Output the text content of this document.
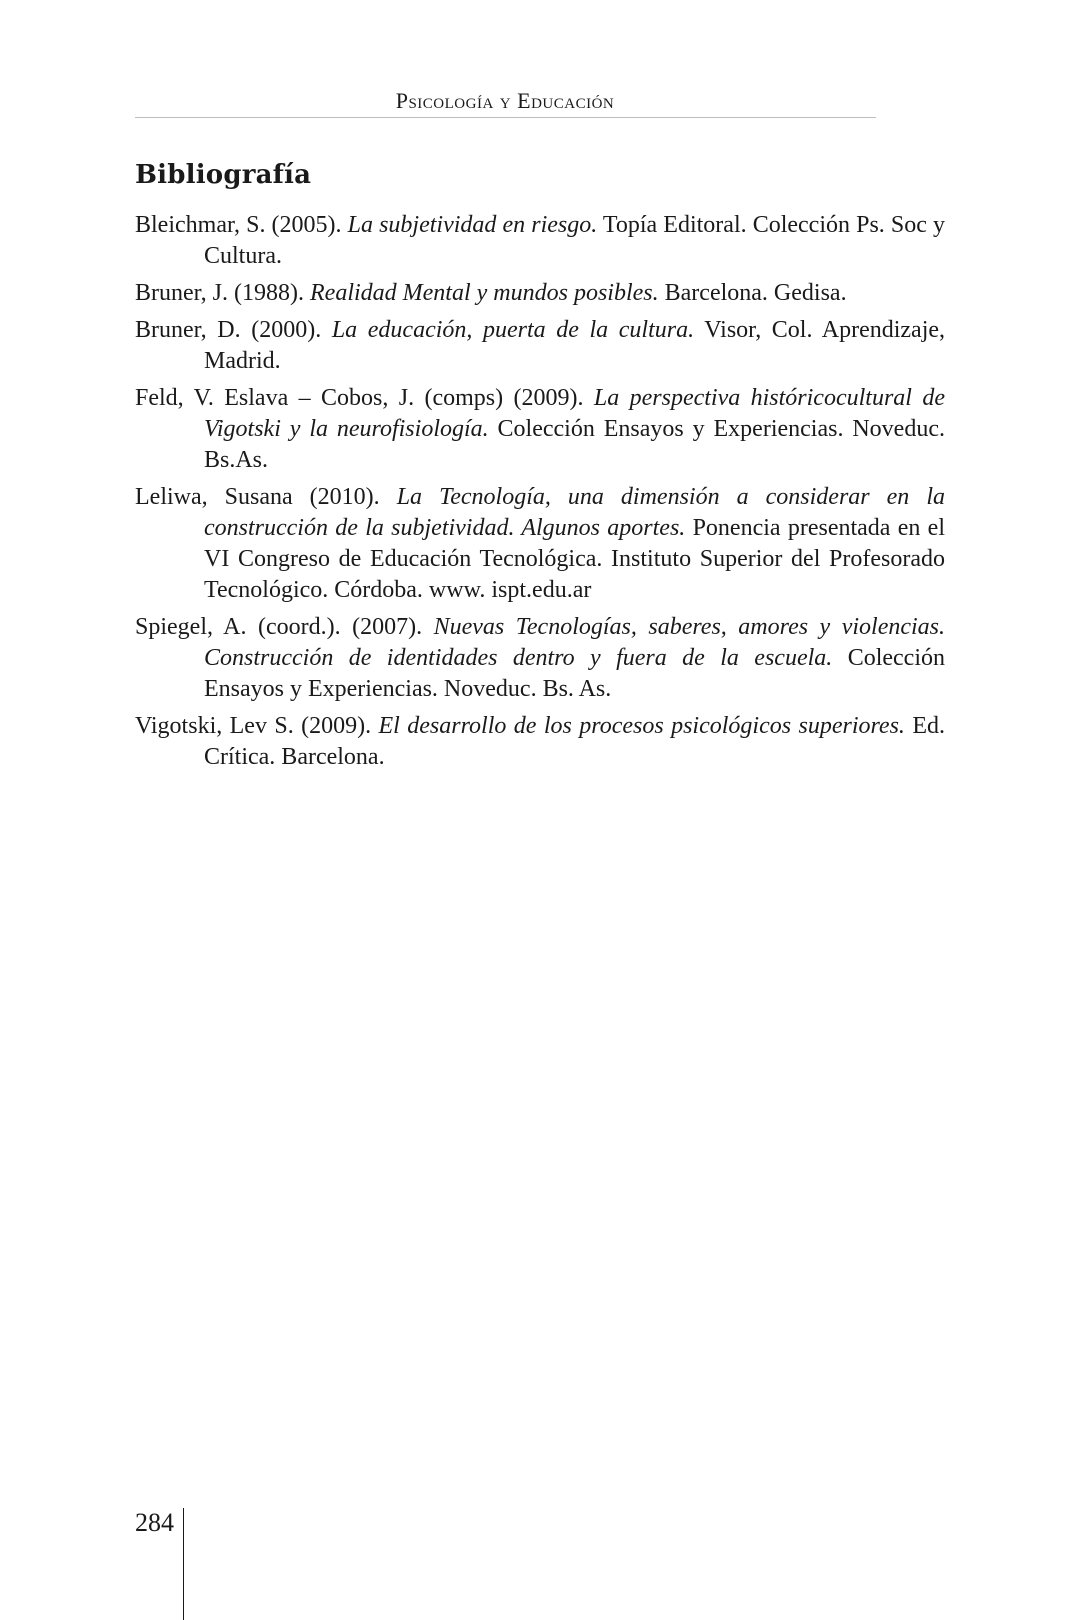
Psicología y Educación
Bibliografía
Bleichmar, S. (2005). La subjetividad en riesgo. Topía Editoral. Colección Ps. Soc y Cultura.
Bruner, J. (1988). Realidad Mental y mundos posibles. Barcelona. Gedisa.
Bruner, D. (2000). La educación, puerta de la cultura. Visor, Col. Aprendizaje, Madrid.
Feld, V. Eslava – Cobos, J. (comps) (2009). La perspectiva históricocultural de Vigotski y la neurofisiología. Colección Ensayos y Experiencias. Noveduc. Bs.As.
Leliwa, Susana (2010). La Tecnología, una dimensión a considerar en la construcción de la subjetividad. Algunos aportes. Ponencia presentada en el VI Congreso de Educación Tecnológica. Instituto Superior del Profesorado Tecnológico. Córdoba. www. ispt.edu.ar
Spiegel, A. (coord.). (2007). Nuevas Tecnologías, saberes, amores y violencias. Construcción de identidades dentro y fuera de la escuela. Colección Ensayos y Experiencias. Noveduc. Bs. As.
Vigotski, Lev S. (2009). El desarrollo de los procesos psicológicos superiores. Ed. Crítica. Barcelona.
284
